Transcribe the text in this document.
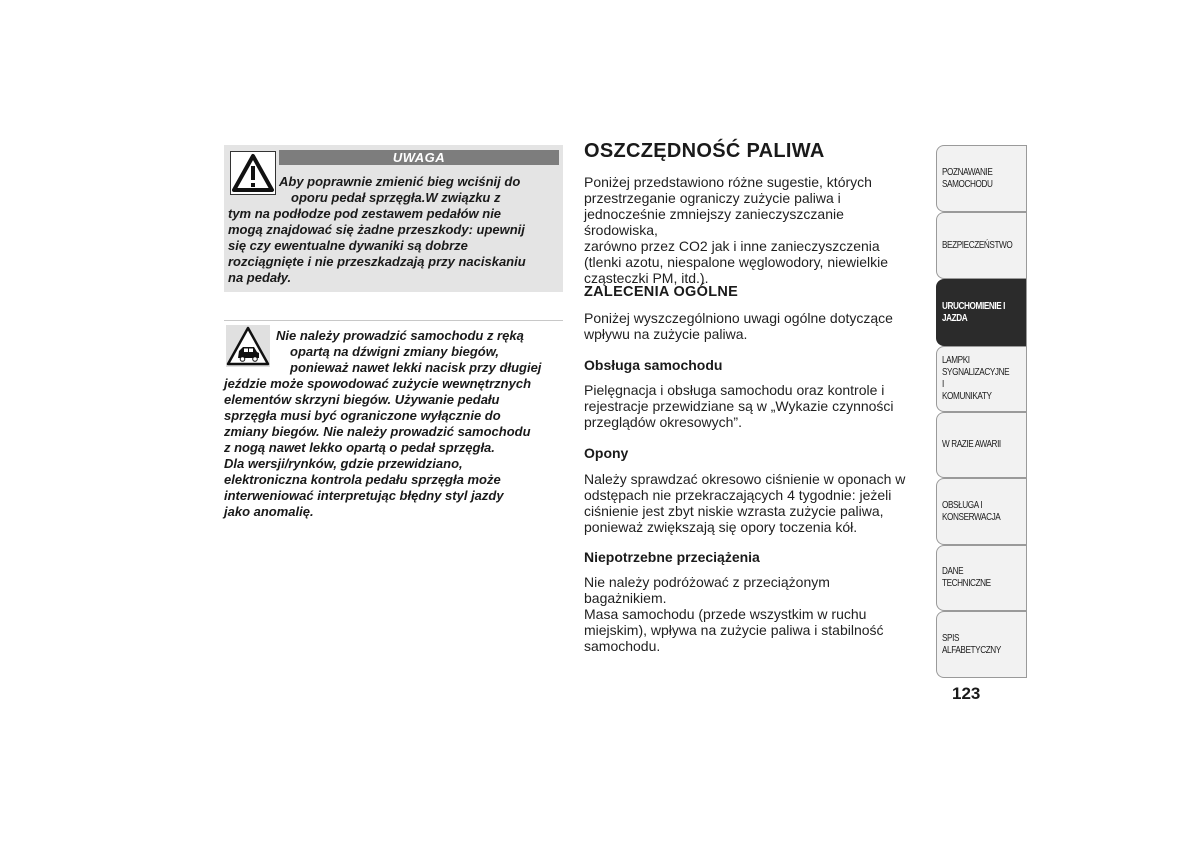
UWAGA
Aby poprawnie zmienić bieg wciśnij do
oporu pedał sprzęgła.W związku z
tym na podłodze pod zestawem pedałów nie
mogą znajdować się żadne przeszkody: upewnij
się czy ewentualne dywaniki są dobrze
rozciągnięte i nie przeszkadzają przy naciskaniu
na pedały.
Nie należy prowadzić samochodu z ręką
opartą na dźwigni zmiany biegów,
ponieważ nawet lekki nacisk przy długiej
jeździe może spowodować zużycie wewnętrznych
elementów skrzyni biegów. Używanie pedału
sprzęgła musi być ograniczone wyłącznie do
zmiany biegów. Nie należy prowadzić samochodu
z nogą nawet lekko opartą o pedał sprzęgła.
Dla wersji/rynków, gdzie przewidziano,
elektroniczna kontrola pedału sprzęgła może
interweniować interpretując błędny styl jazdy
jako anomalię.
OSZCZĘDNOŚĆ PALIWA
Poniżej przedstawiono różne sugestie, których
przestrzeganie ograniczy zużycie paliwa i
jednocześnie zmniejszy zanieczyszczanie środowiska,
zarówno przez CO2 jak i inne zanieczyszczenia
(tlenki azotu, niespalone węglowodory, niewielkie
cząsteczki PM, itd.).
ZALECENIA OGÓLNE
Poniżej wyszczególniono uwagi ogólne dotyczące
wpływu na zużycie paliwa.
Obsługa samochodu
Pielęgnacja i obsługa samochodu oraz kontrole i
rejestracje przewidziane są w „Wykazie czynności
przeglądów okresowych”.
Opony
Należy sprawdzać okresowo ciśnienie w oponach w
odstępach nie przekraczających 4 tygodnie: jeżeli
ciśnienie jest zbyt niskie wzrasta zużycie paliwa,
ponieważ zwiększają się opory toczenia kół.
Niepotrzebne przeciążenia
Nie należy podróżować z przeciążonym bagażnikiem.
Masa samochodu (przede wszystkim w ruchu
miejskim), wpływa na zużycie paliwa i stabilność
samochodu.
POZNAWANIE
SAMOCHODU
BEZPIECZEŃSTWO
URUCHOMIENIE I
JAZDA
LAMPKI
SYGNALIZACYJNE I
KOMUNIKATY
W RAZIE AWARII
OBSŁUGA I
KONSERWACJA
DANE TECHNICZNE
SPIS ALFABETYCZNY
123
